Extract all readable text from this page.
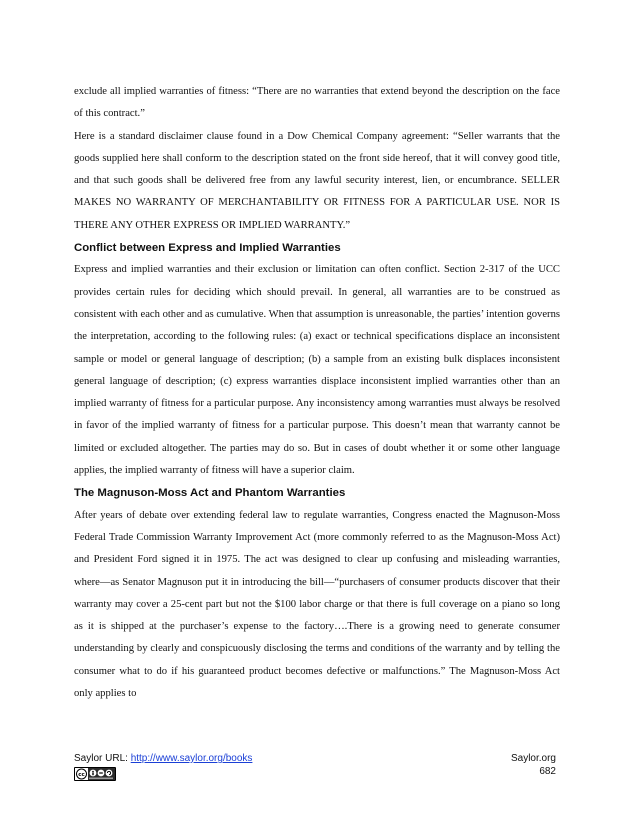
exclude all implied warranties of fitness: “There are no warranties that extend beyond the description on the face of this contract.”

Here is a standard disclaimer clause found in a Dow Chemical Company agreement: “Seller warrants that the goods supplied here shall conform to the description stated on the front side hereof, that it will convey good title, and that such goods shall be delivered free from any lawful security interest, lien, or encumbrance. SELLER MAKES NO WARRANTY OF MERCHANTABILITY OR FITNESS FOR A PARTICULAR USE. NOR IS THERE ANY OTHER EXPRESS OR IMPLIED WARRANTY.”

Conflict between Express and Implied Warranties

Express and implied warranties and their exclusion or limitation can often conflict. Section 2-317 of the UCC provides certain rules for deciding which should prevail. In general, all warranties are to be construed as consistent with each other and as cumulative. When that assumption is unreasonable, the parties’ intention governs the interpretation, according to the following rules: (a) exact or technical specifications displace an inconsistent sample or model or general language of description; (b) a sample from an existing bulk displaces inconsistent general language of description; (c) express warranties displace inconsistent implied warranties other than an implied warranty of fitness for a particular purpose. Any inconsistency among warranties must always be resolved in favor of the implied warranty of fitness for a particular purpose. This doesn’t mean that warranty cannot be limited or excluded altogether. The parties may do so. But in cases of doubt whether it or some other language applies, the implied warranty of fitness will have a superior claim.

The Magnuson-Moss Act and Phantom Warranties

After years of debate over extending federal law to regulate warranties, Congress enacted the Magnuson-Moss Federal Trade Commission Warranty Improvement Act (more commonly referred to as the Magnuson-Moss Act) and President Ford signed it in 1975. The act was designed to clear up confusing and misleading warranties, where—as Senator Magnuson put it in introducing the bill—“purchasers of consumer products discover that their warranty may cover a 25-cent part but not the $100 labor charge or that there is full coverage on a piano so long as it is shipped at the purchaser’s expense to the factory….There is a growing need to generate consumer understanding by clearly and conspicuously disclosing the terms and conditions of the warranty and by telling the consumer what to do if his guaranteed product becomes defective or malfunctions.” The Magnuson-Moss Act only applies to

Saylor URL: http://www.saylor.org/books
cc
Saylor.org
682
